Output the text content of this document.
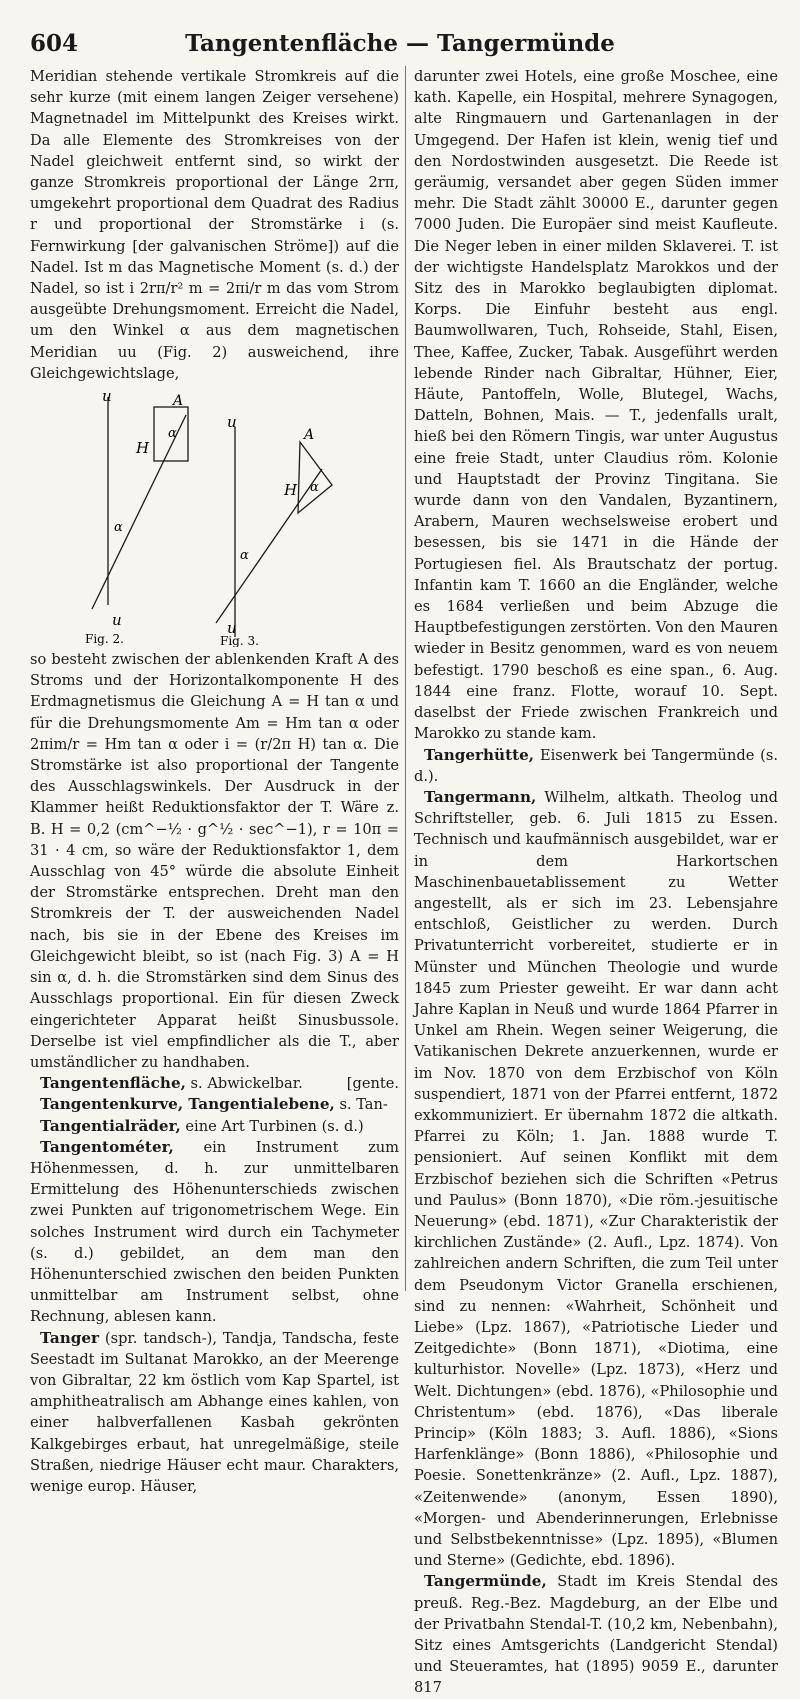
604	Tangentenfläche — Tangermünde

Meridian stehende vertikale Stromkreis auf die sehr kurze (mit einem langen Zeiger versehene) Magnetnadel im Mittelpunkt des Kreises wirkt. Da alle Elemente des Stromkreises von der Nadel gleichweit entfernt sind, so wirkt der ganze Stromkreis proportional der Länge 2rπ, umgekehrt proportional dem Quadrat des Radius r und proportional der Stromstärke i (s. Fernwirkung [der galvanischen Ströme]) auf die Nadel. Ist m das Magnetische Moment (s. d.) der Nadel, so ist i 2rπ/r² m = 2πi/r m das vom Strom ausgeübte Drehungsmoment. Erreicht die Nadel, um den Winkel α aus dem magnetischen Meridian uu (Fig. 2) ausweichend, ihre Gleichgewichtslage,

u	A
H
α
α
u
Fig. 2.
u
A
H α
α
u
Fig. 3.

so besteht zwischen der ablenkenden Kraft A des Stroms und der Horizontalkomponente H des Erdmagnetismus die Gleichung A = H tan α und für die Drehungsmomente Am = Hm tan α oder 2πim/r = Hm tan α oder i = (r/2π H) tan α. Die Stromstärke ist also proportional der Tangente des Ausschlagswinkels. Der Ausdruck in der Klammer heißt Reduktionsfaktor der T. Wäre z. B. H = 0,2 (cm^−½ · g^½ · sec^−1), r = 10π = 31 · 4 cm, so wäre der Reduktionsfaktor 1, dem Ausschlag von 45° würde die absolute Einheit der Stromstärke entsprechen. Dreht man den Stromkreis der T. der ausweichenden Nadel nach, bis sie in der Ebene des Kreises im Gleichgewicht bleibt, so ist (nach Fig. 3) A = H sin α, d. h. die Stromstärken sind dem Sinus des Ausschlags proportional. Ein für diesen Zweck eingerichteter Apparat heißt Sinusbussole. Derselbe ist viel empfindlicher als die T., aber umständlicher zu handhaben.

Tangentenfläche, s. Abwickelbar.	[gente.

Tangentenkurve, Tangentialebene, s. Tan-

Tangentialräder, eine Art Turbinen (s. d.)

Tangentométer, ein Instrument zum Höhenmessen, d. h. zur unmittelbaren Ermittelung des Höhenunterschieds zwischen zwei Punkten auf trigonometrischem Wege. Ein solches Instrument wird durch ein Tachymeter (s. d.) gebildet, an dem man den Höhenunterschied zwischen den beiden Punkten unmittelbar am Instrument selbst, ohne Rechnung, ablesen kann.

Tanger (spr. tandsch-), Tandja, Tandscha, feste Seestadt im Sultanat Marokko, an der Meerenge von Gibraltar, 22 km östlich vom Kap Spartel, ist amphitheatralisch am Abhange eines kahlen, von einer halbverfallenen Kasbah gekrönten Kalkgebirges erbaut, hat unregelmäßige, steile Straßen, niedrige Häuser echt maur. Charakters, wenige europ. Häuser,

darunter zwei Hotels, eine große Moschee, eine kath. Kapelle, ein Hospital, mehrere Synagogen, alte Ringmauern und Gartenanlagen in der Umgegend. Der Hafen ist klein, wenig tief und den Nordostwinden ausgesetzt. Die Reede ist geräumig, versandet aber gegen Süden immer mehr. Die Stadt zählt 30000 E., darunter gegen 7000 Juden. Die Europäer sind meist Kaufleute. Die Neger leben in einer milden Sklaverei. T. ist der wichtigste Handelsplatz Marokkos und der Sitz des in Marokko beglaubigten diplomat. Korps. Die Einfuhr besteht aus engl. Baumwollwaren, Tuch, Rohseide, Stahl, Eisen, Thee, Kaffee, Zucker, Tabak. Ausgeführt werden lebende Rinder nach Gibraltar, Hühner, Eier, Häute, Pantoffeln, Wolle, Blutegel, Wachs, Datteln, Bohnen, Mais. — T., jedenfalls uralt, hieß bei den Römern Tingis, war unter Augustus eine freie Stadt, unter Claudius röm. Kolonie und Hauptstadt der Provinz Tingitana. Sie wurde dann von den Vandalen, Byzantinern, Arabern, Mauren wechselsweise erobert und besessen, bis sie 1471 in die Hände der Portugiesen fiel. Als Brautschatz der portug. Infantin kam T. 1660 an die Engländer, welche es 1684 verließen und beim Abzuge die Hauptbefestigungen zerstörten. Von den Mauren wieder in Besitz genommen, ward es von neuem befestigt. 1790 beschoß es eine span., 6. Aug. 1844 eine franz. Flotte, worauf 10. Sept. daselbst der Friede zwischen Frankreich und Marokko zu stande kam.

Tangerhütte, Eisenwerk bei Tangermünde (s. d.).

Tangermann, Wilhelm, altkath. Theolog und Schriftsteller, geb. 6. Juli 1815 zu Essen. Technisch und kaufmännisch ausgebildet, war er in dem Harkortschen Maschinenbauetablissement zu Wetter angestellt, als er sich im 23. Lebensjahre entschloß, Geistlicher zu werden. Durch Privatunterricht vorbereitet, studierte er in Münster und München Theologie und wurde 1845 zum Priester geweiht. Er war dann acht Jahre Kaplan in Neuß und wurde 1864 Pfarrer in Unkel am Rhein. Wegen seiner Weigerung, die Vatikanischen Dekrete anzuerkennen, wurde er im Nov. 1870 von dem Erzbischof von Köln suspendiert, 1871 von der Pfarrei entfernt, 1872 exkommuniziert. Er übernahm 1872 die altkath. Pfarrei zu Köln; 1. Jan. 1888 wurde T. pensioniert. Auf seinen Konflikt mit dem Erzbischof beziehen sich die Schriften «Petrus und Paulus» (Bonn 1870), «Die röm.-jesuitische Neuerung» (ebd. 1871), «Zur Charakteristik der kirchlichen Zustände» (2. Aufl., Lpz. 1874). Von zahlreichen andern Schriften, die zum Teil unter dem Pseudonym Victor Granella erschienen, sind zu nennen: «Wahrheit, Schönheit und Liebe» (Lpz. 1867), «Patriotische Lieder und Zeitgedichte» (Bonn 1871), «Diotima, eine kulturhistor. Novelle» (Lpz. 1873), «Herz und Welt. Dichtungen» (ebd. 1876), «Philosophie und Christentum» (ebd. 1876), «Das liberale Princip» (Köln 1883; 3. Aufl. 1886), «Sions Harfenklänge» (Bonn 1886), «Philosophie und Poesie. Sonettenkränze» (2. Aufl., Lpz. 1887), «Zeitenwende» (anonym, Essen 1890), «Morgen- und Abenderinnerungen, Erlebnisse und Selbstbekenntnisse» (Lpz. 1895), «Blumen und Sterne» (Gedichte, ebd. 1896).

Tangermünde, Stadt im Kreis Stendal des preuß. Reg.-Bez. Magdeburg, an der Elbe und der Privatbahn Stendal-T. (10,2 km, Nebenbahn), Sitz eines Amtsgerichts (Landgericht Stendal) und Steueramtes, hat (1895) 9059 E., darunter 817
